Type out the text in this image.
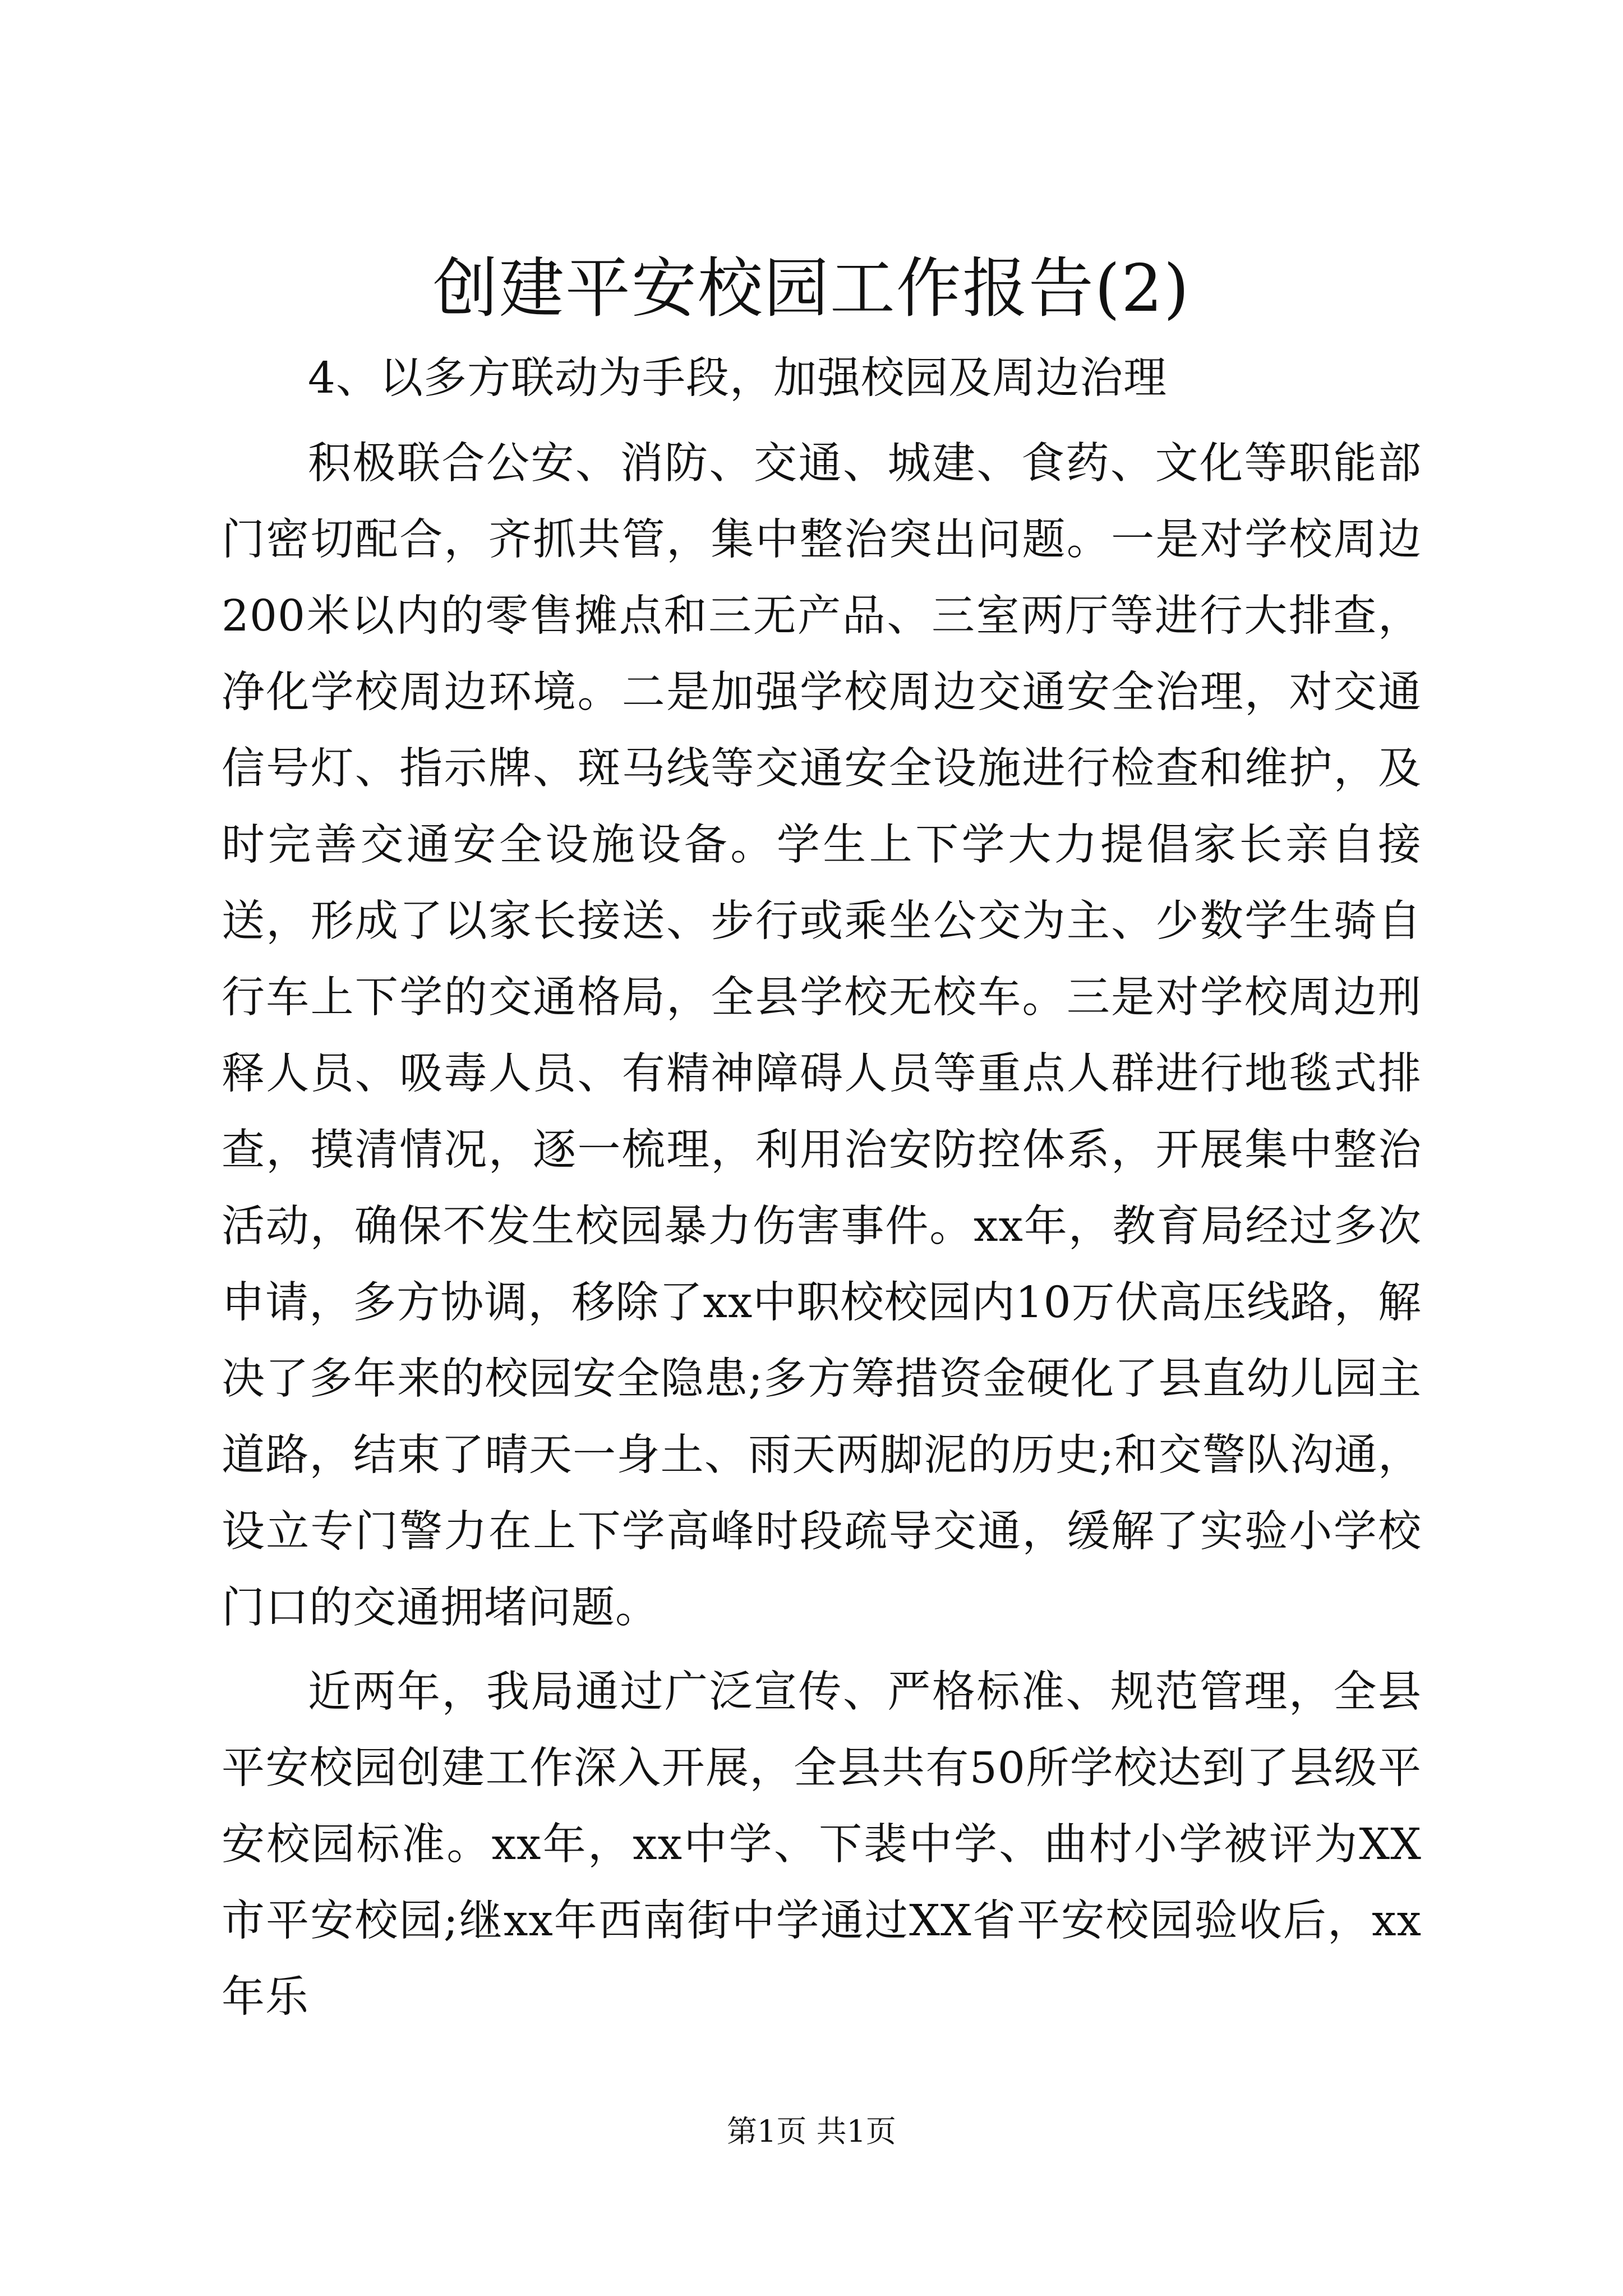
创建平安校园工作报告(2)

4、以多方联动为手段，加强校园及周边治理

积极联合公安、消防、交通、城建、食药、文化等职能部门密切配合，齐抓共管，集中整治突出问题。一是对学校周边200米以内的零售摊点和三无产品、三室两厅等进行大排查，净化学校周边环境。二是加强学校周边交通安全治理，对交通信号灯、指示牌、斑马线等交通安全设施进行检查和维护，及时完善交通安全设施设备。学生上下学大力提倡家长亲自接送，形成了以家长接送、步行或乘坐公交为主、少数学生骑自行车上下学的交通格局，全县学校无校车。三是对学校周边刑释人员、吸毒人员、有精神障碍人员等重点人群进行地毯式排查，摸清情况，逐一梳理，利用治安防控体系，开展集中整治活动，确保不发生校园暴力伤害事件。xx年，教育局经过多次申请，多方协调，移除了xx中职校校园内10万伏高压线路，解决了多年来的校园安全隐患;多方筹措资金硬化了县直幼儿园主道路，结束了晴天一身土、雨天两脚泥的历史;和交警队沟通，设立专门警力在上下学高峰时段疏导交通，缓解了实验小学校门口的交通拥堵问题。

近两年，我局通过广泛宣传、严格标准、规范管理，全县平安校园创建工作深入开展，全县共有50所学校达到了县级平安校园标准。xx年，xx中学、下裴中学、曲村小学被评为XX市平安校园;继xx年西南街中学通过XX省平安校园验收后，xx年乐

第1页 共1页
